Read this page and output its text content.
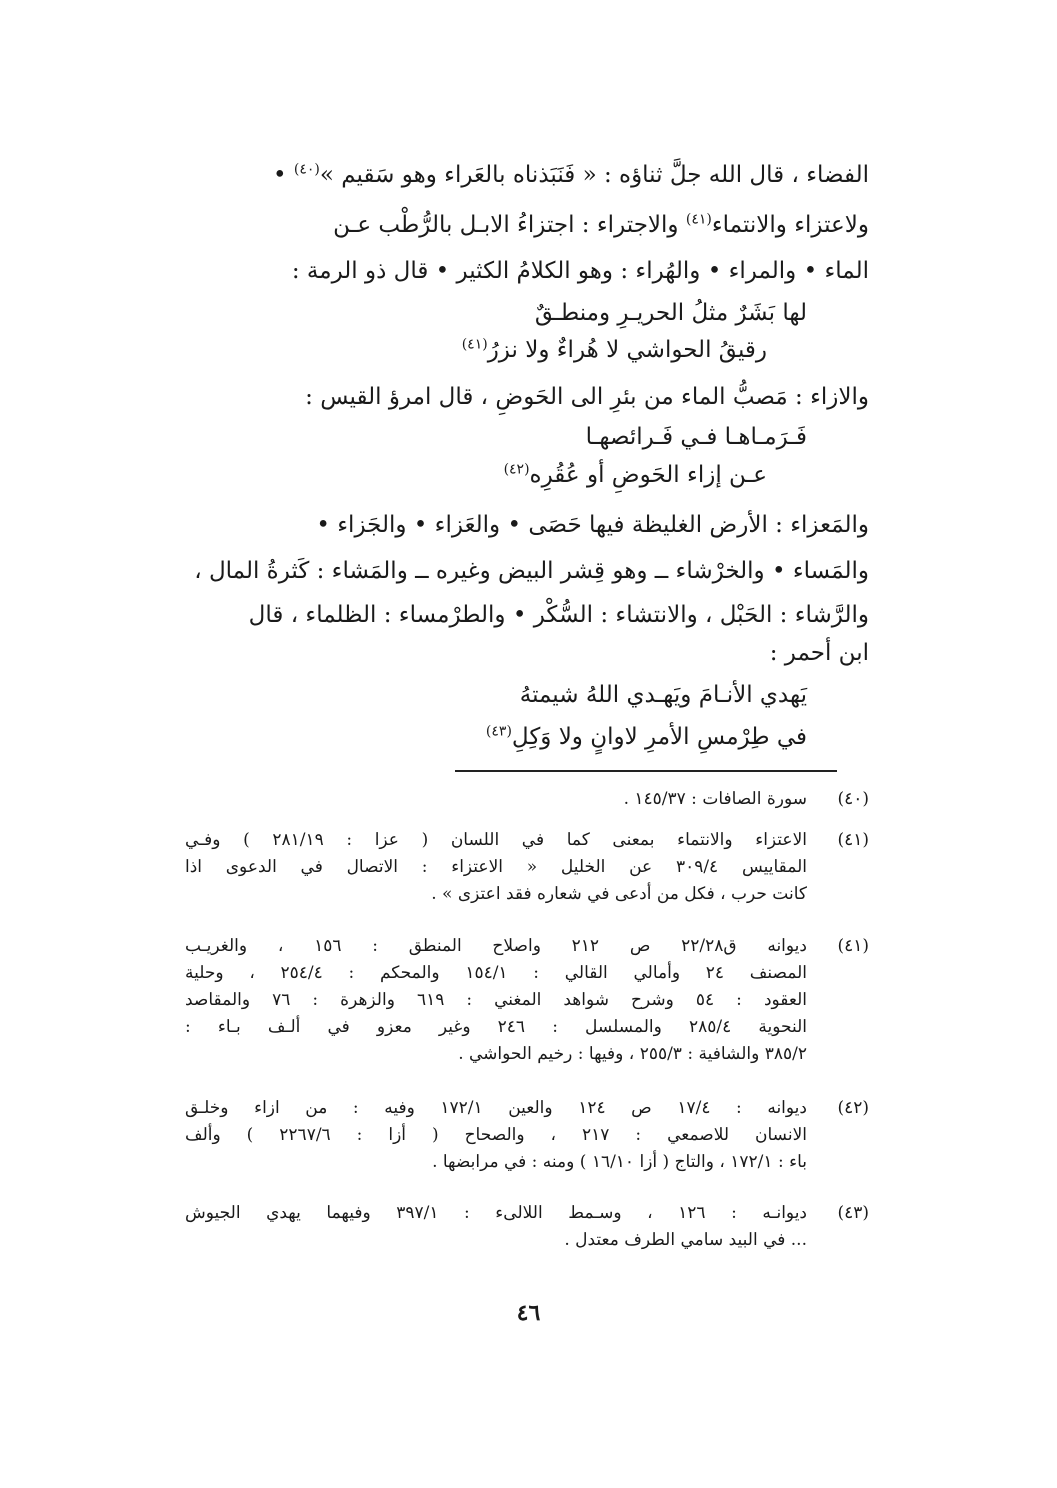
الفضاء ، قال الله جلَّ ثناؤه : « فَنَبَذناه بالعَراء وهو سَقيم »$^{(٤٠)}$ •
ولاعتزاء والانتماء$^{(٤١)}$ والاجتراء : اجتزاءُ الابـل بالرُّطْب عـن
الماء • والمراء • والهُراء : وهو الكلامُ الكثير • قال ذو الرمة :
لها بَشَرٌ مثلُ الحريـرِ ومنطـقٌ
رقيقُ الحواشي لا هُراءٌ ولا نزرُ$^{(٤١)}$
والازاء : مَصبُّ الماء من بئرِ الى الحَوضِ ، قال امرؤ القيس :
فَـرَمـاهـا فـي فَـرائصهـا
عـن إزاء الحَوضِ أو عُقُرِه$^{(٤٢)}$
والمَعزاء : الأرض الغليظة فيها حَصَى • والعَزاء • والجَزاء •
والمَساء • والخرْشاء ــ وهو قِشر البيض وغيره ــ والمَشاء : كَثرةُ المال ،
والرَّشاء : الحَبْل ، والانتشاء : السُّكْر • والطرْمساء : الظلماء ، قال
ابن أحمر :
يَهدي الأنـامَ ويَهـدي اللهُ شيمتهُ
في طِرْمسِ الأمرِ لاوانٍ ولا وَكِلِ$^{(٤٣)}$
(٤٠)
سورة الصافات : ١٤٥/٣٧ .
(٤١)
الاعتزاء والانتماء بمعنى كما في اللسان ( عزا : ٢٨١/١٩ ) وفـي
المقاييس ٣٠٩/٤ عن الخليل « الاعتزاء : الاتصال في الدعوى اذا
كانت حرب ، فكل من أدعى في شعاره فقد اعتزى » .
(٤١)
ديوانه ق٢٢/٢٨ ص ٢١٢ واصلاح المنطق : ١٥٦ ، والغريـب
المصنف ٢٤ وأمالي القالي : ١٥٤/١ والمحكم : ٢٥٤/٤ ، وحلية
العقود : ٥٤ وشرح شواهد المغني : ٦١٩ والزهرة : ٧٦ والمقاصد
النحوية ٢٨٥/٤ والمسلسل : ٢٤٦ وغير معزو في ألـف بـاء :
٣٨٥/٢ والشافية : ٢٥٥/٣ ، وفيها : رخيم الحواشي .
(٤٢)
ديوانه : ١٧/٤ ص ١٢٤ والعين ١٧٢/١ وفيه : من ازاء وخلـق
الانسان للاصمعي : ٢١٧ ، والصحاح ( أزا : ٢٢٦٧/٦ ) وألف
باء : ١٧٢/١ ، والتاج ( أزا ١٦/١٠ ) ومنه : في مرابضها .
(٤٣)
ديوانـه : ١٢٦ ، وسـمط اللالىء : ٣٩٧/١ وفيهما يهدي الجيوش
... في البيد سامي الطرف معتدل .
٤٦
